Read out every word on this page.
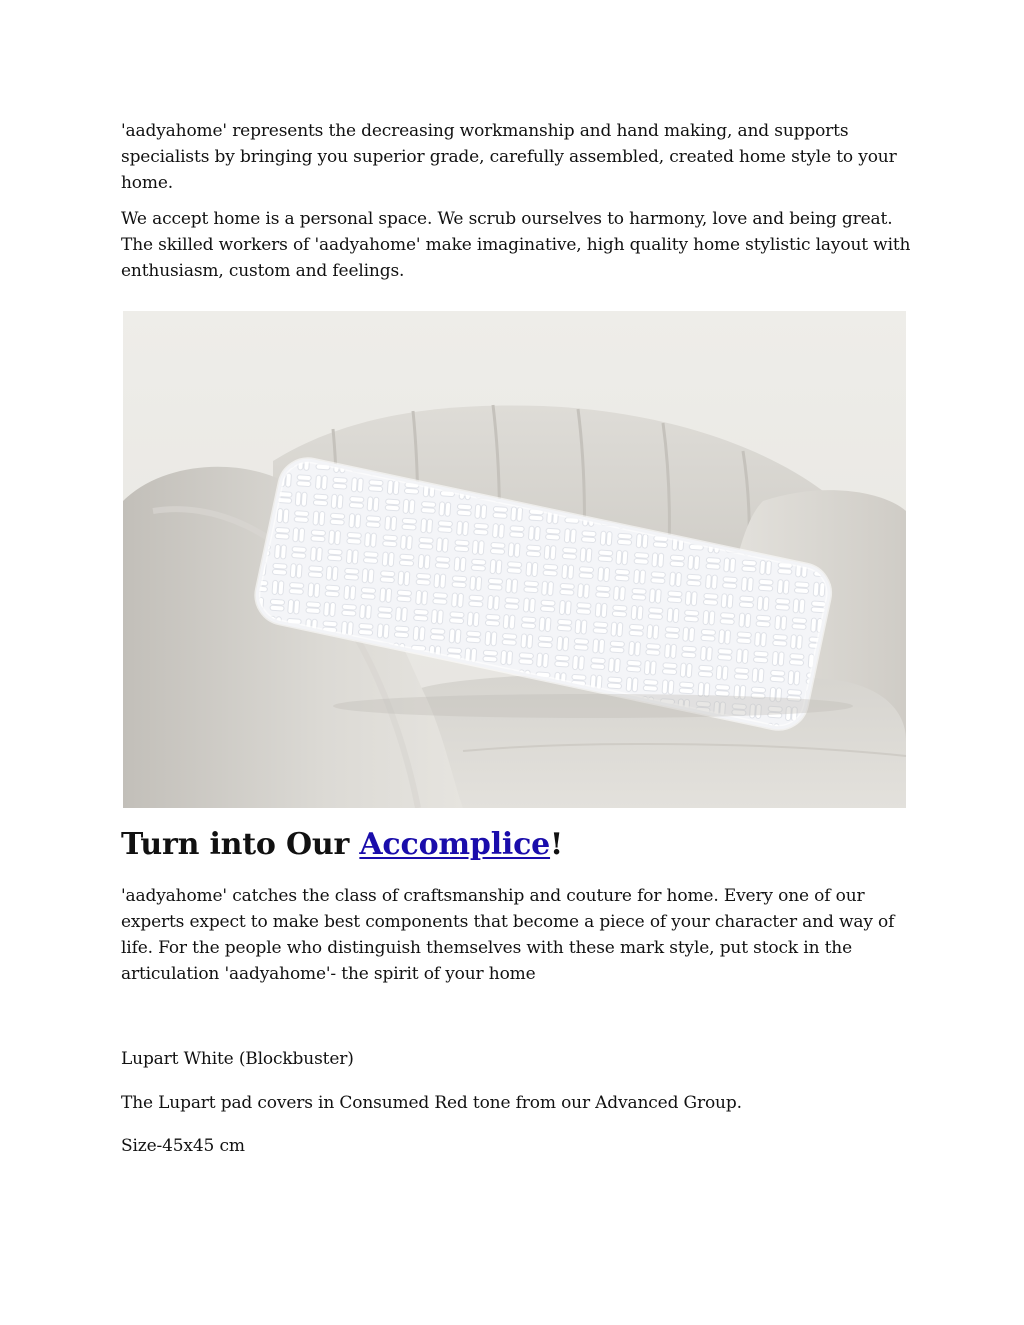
'aadyahome' represents the decreasing workmanship and hand making, and supports specialists by bringing you superior grade, carefully assembled, created home style to your home.

We accept home is a personal space. We scrub ourselves to harmony, love and being great. The skilled workers of 'aadyahome' make imaginative, high quality home stylistic layout with enthusiasm, custom and feelings.

Turn into Our Accomplice!

'aadyahome' catches the class of craftsmanship and couture for home. Every one of our experts expect to make best components that become a piece of your character and way of life. For the people who distinguish themselves with these mark style, put stock in the articulation 'aadyahome'- the spirit of your home

Lupart White (Blockbuster)

The Lupart pad covers in Consumed Red tone from our Advanced Group.

Size-45x45 cm
